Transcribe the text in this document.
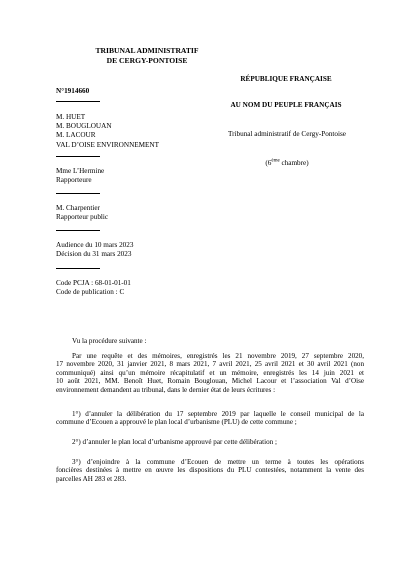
TRIBUNAL ADMINISTRATIF
DE CERGY-PONTOISE
N°1914660
M. HUET
M. BOUGLOUAN
M. LACOUR
VAL D’OISE ENVIRONNEMENT
Mme L’Hermine
Rapporteure
M. Charpentier
Rapporteur public
Audience du 10 mars 2023
Décision du 31 mars 2023
Code PCJA : 68-01-01-01
Code de publication : C
RÉPUBLIQUE FRANÇAISE
AU NOM DU PEUPLE FRANÇAIS
Tribunal administratif de Cergy-Pontoise
(6ème chambre)
Vu la procédure suivante :
Par une requête et des mémoires, enregistrés les 21 novembre 2019, 27 septembre 2020,
17 novembre 2020, 31 janvier 2021, 8 mars 2021, 7 avril 2021, 25 avril 2021 et 30 avril 2021 (non
communiqué) ainsi qu’un mémoire récapitulatif et un mémoire, enregistrés les 14 juin 2021 et
10 août 2021, MM. Benoît Huet, Romain Bouglouan, Michel Lacour et l’association Val d’Oise
environnement demandent au tribunal, dans le dernier état de leurs écritures :
1°) d’annuler la délibération du 17 septembre 2019 par laquelle le conseil municipal de la
commune d’Ecouen a approuvé le plan local d’urbanisme (PLU) de cette commune ;
2°) d’annuler le plan local d’urbanisme approuvé par cette délibération ;
3°) d’enjoindre à la commune d’Ecouen de mettre un terme à toutes les opérations
foncières destinées à mettre en œuvre les dispositions du PLU contestées, notamment la vente des
parcelles AH 283 et 283.
